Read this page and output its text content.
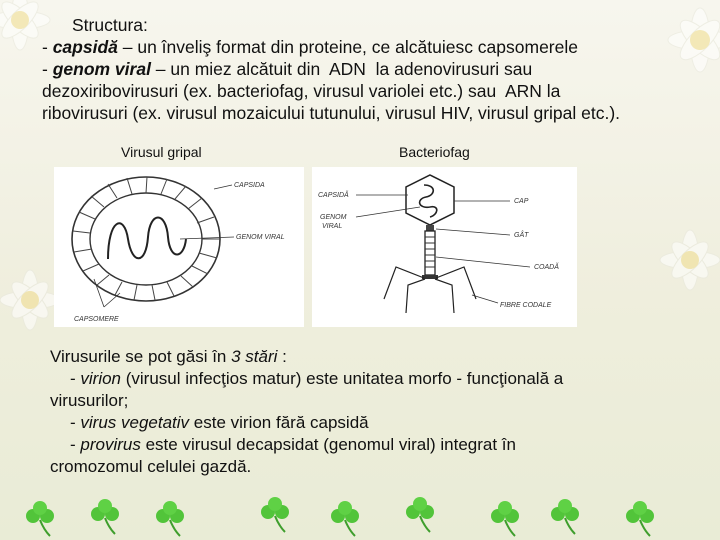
Structura:
- capsidă – un înveliş format din proteine, ce alcătuiesc capsomerele
- genom viral – un miez alcătuit din  ADN  la adenovirusuri sau
dezoxiribovirusuri (ex. bacteriofag, virusul variolei etc.) sau  ARN la
ribovirusuri (ex. virusul mozaicului tutunului, virusul HIV, virusul gripal etc.).
Virusul gripal	Bacteriofag
CAPSIDA
GENOM VIRAL
CAPSOMERE
CAPSIDĂ
GENOM
VIRAL
CAP
GÂT
COADĂ
FIBRE CODALE
Virusurile se pot găsi în 3 stări :
- virion (virusul infecţios matur) este unitatea morfo - funcţională a
virusurilor;
- virus vegetativ este virion fără capsidă
- provirus este virusul decapsidat (genomul viral) integrat în
cromozomul celulei gazdă.
